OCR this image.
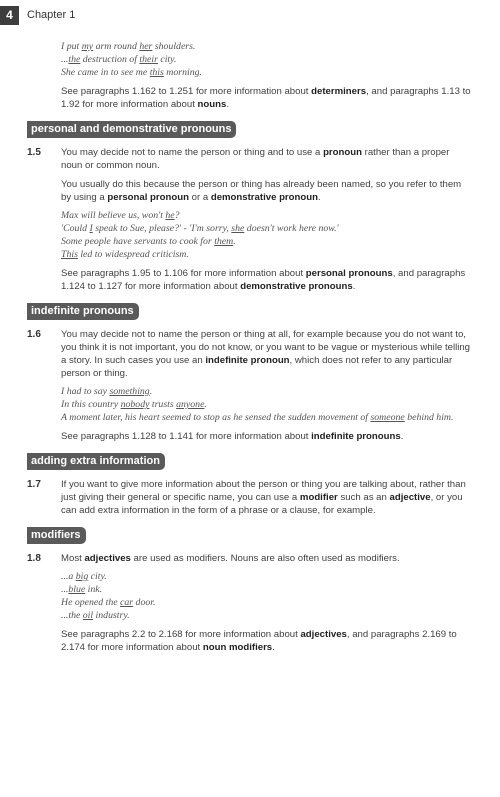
4	Chapter 1
I put my arm round her shoulders.
...the destruction of their city.
She came in to see me this morning.

See paragraphs 1.162 to 1.251 for more information about determiners, and paragraphs 1.13 to 1.92 for more information about nouns.

personal and demonstrative pronouns
1.5	You may decide not to name the person or thing and to use a pronoun rather than a proper noun or common noun.

You usually do this because the person or thing has already been named, so you refer to them by using a personal pronoun or a demonstrative pronoun.

Max will believe us, won't he?
'Could I speak to Sue, please?' - 'I'm sorry, she doesn't work here now.'
Some people have servants to cook for them.
This led to widespread criticism.

See paragraphs 1.95 to 1.106 for more information about personal pronouns, and paragraphs 1.124 to 1.127 for more information about demonstrative pronouns.

indefinite pronouns
1.6	You may decide not to name the person or thing at all, for example because you do not want to, you think it is not important, you do not know, or you want to be vague or mysterious while telling a story. In such cases you use an indefinite pronoun, which does not refer to any particular person or thing.

I had to say something.
In this country nobody trusts anyone.
A moment later, his heart seemed to stop as he sensed the sudden movement of someone behind him.

See paragraphs 1.128 to 1.141 for more information about indefinite pronouns.

adding extra information
1.7	If you want to give more information about the person or thing you are talking about, rather than just giving their general or specific name, you can use a modifier such as an adjective, or you can add extra information in the form of a phrase or a clause, for example.

modifiers
1.8	Most adjectives are used as modifiers. Nouns are also often used as modifiers.

...a big city.
...blue ink.
He opened the car door.
...the oil industry.

See paragraphs 2.2 to 2.168 for more information about adjectives, and paragraphs 2.169 to 2.174 for more information about noun modifiers.
